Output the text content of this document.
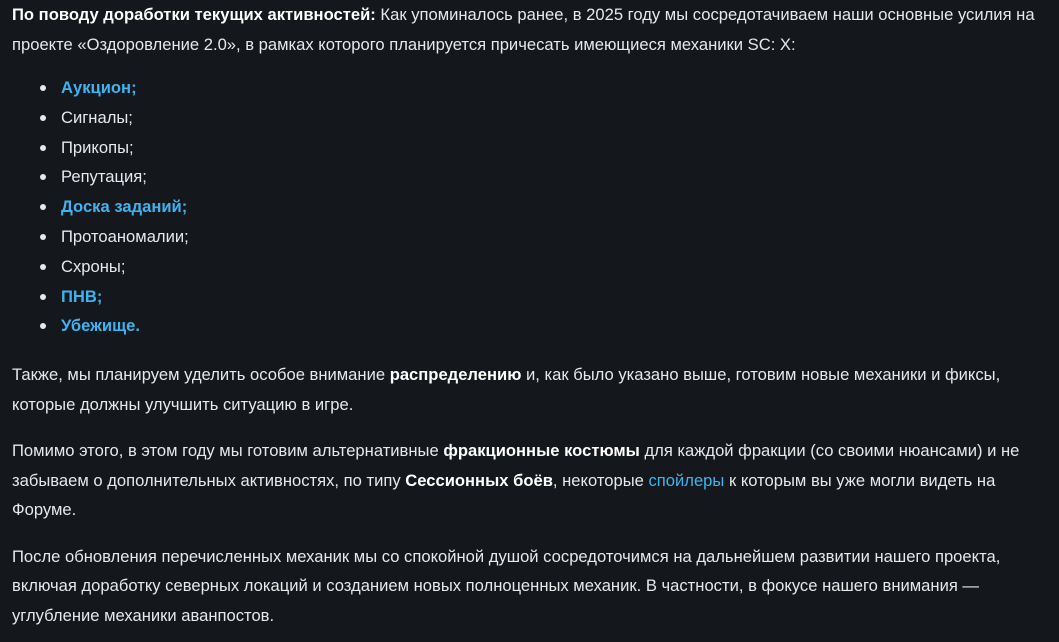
По поводу доработки текущих активностей: Как упоминалось ранее, в 2025 году мы сосредотачиваем наши основные усилия на проекте «Оздоровление 2.0», в рамках которого планируется причесать имеющиеся механики SC: X:

Аукцион;
Сигналы;
Прикопы;
Репутация;
Доска заданий;
Протоаномалии;
Схроны;
ПНВ;
Убежище.

Также, мы планируем уделить особое внимание распределению и, как было указано выше, готовим новые механики и фиксы, которые должны улучшить ситуацию в игре.

Помимо этого, в этом году мы готовим альтернативные фракционные костюмы для каждой фракции (со своими нюансами) и не забываем о дополнительных активностях, по типу Сессионных боёв, некоторые спойлеры к которым вы уже могли видеть на Форуме.

После обновления перечисленных механик мы со спокойной душой сосредоточимся на дальнейшем развитии нашего проекта, включая доработку северных локаций и созданием новых полноценных механик. В частности, в фокусе нашего внимания — углубление механики аванпостов.
